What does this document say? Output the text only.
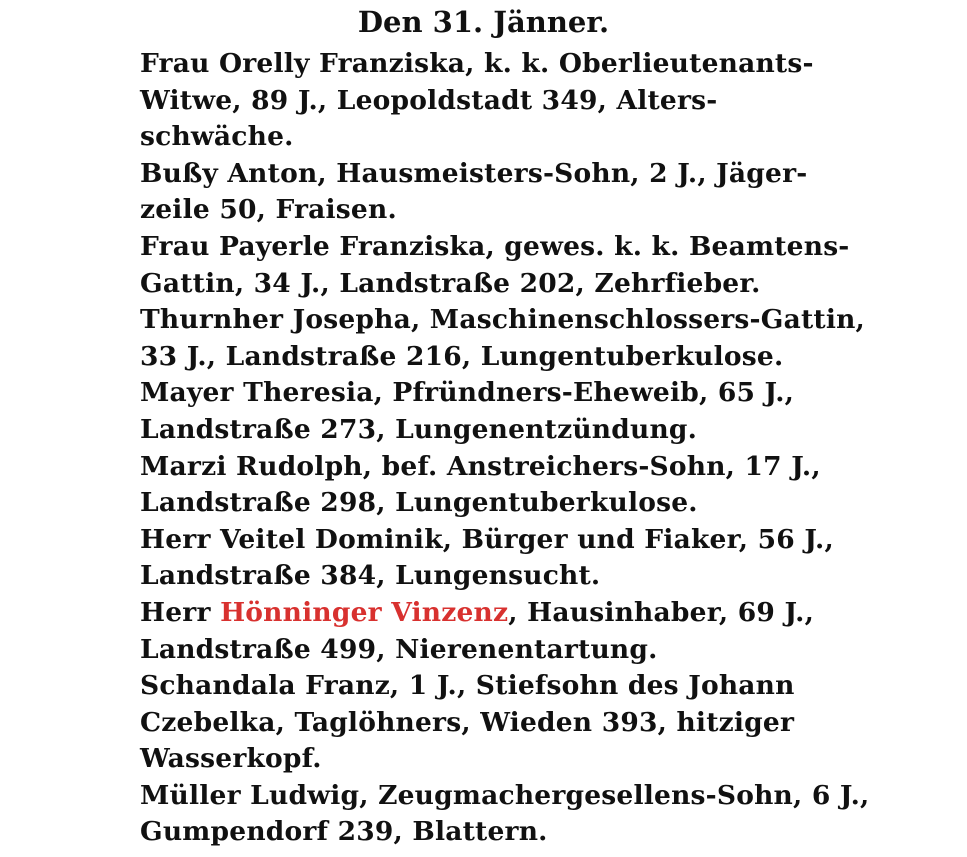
Den 31. Jänner.
Frau Orelly Franziska, k. k. Oberlieutenants-
Witwe, 89 J., Leopoldstadt 349, Alters-
schwäche.
Bußy Anton, Hausmeisters-Sohn, 2 J., Jäger-
zeile 50, Fraisen.
Frau Payerle Franziska, gewes. k. k. Beamtens-
Gattin, 34 J., Landstraße 202, Zehrfieber.
Thurnher Josepha, Maschinenschlossers-Gattin,
33 J., Landstraße 216, Lungentuberkulose.
Mayer Theresia, Pfründners-Eheweib, 65 J.,
Landstraße 273, Lungenentzündung.
Marzi Rudolph, bef. Anstreichers-Sohn, 17 J.,
Landstraße 298, Lungentuberkulose.
Herr Veitel Dominik, Bürger und Fiaker, 56 J.,
Landstraße 384, Lungensucht.
Herr Hönninger Vinzenz, Hausinhaber, 69 J.,
Landstraße 499, Nierenentartung.
Schandala Franz, 1 J., Stiefsohn des Johann
Czebelka, Taglöhners, Wieden 393, hitziger
Wasserkopf.
Müller Ludwig, Zeugmachergesellens-Sohn, 6 J.,
Gumpendorf 239, Blattern.
